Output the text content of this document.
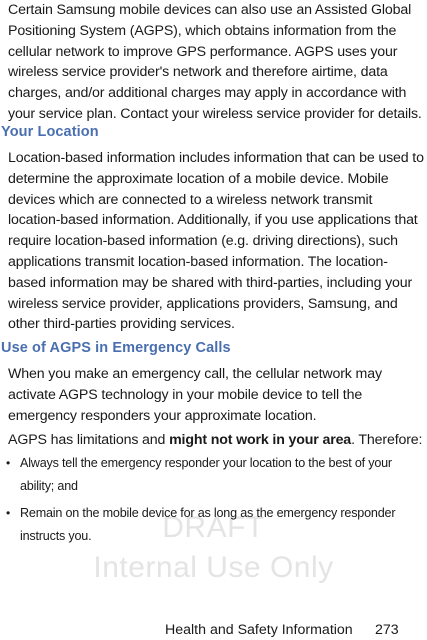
Certain Samsung mobile devices can also use an Assisted Global Positioning System (AGPS), which obtains information from the cellular network to improve GPS performance. AGPS uses your wireless service provider's network and therefore airtime, data charges, and/or additional charges may apply in accordance with your service plan. Contact your wireless service provider for details.
Your Location
Location-based information includes information that can be used to determine the approximate location of a mobile device. Mobile devices which are connected to a wireless network transmit location-based information. Additionally, if you use applications that require location-based information (e.g. driving directions), such applications transmit location-based information. The location-based information may be shared with third-parties, including your wireless service provider, applications providers, Samsung, and other third-parties providing services.
Use of AGPS in Emergency Calls
When you make an emergency call, the cellular network may activate AGPS technology in your mobile device to tell the emergency responders your approximate location.
AGPS has limitations and might not work in your area. Therefore:
DRAFT
Internal Use Only
• Always tell the emergency responder your location to the best of your ability; and
• Remain on the mobile device for as long as the emergency responder instructs you.
Health and Safety Information 273
